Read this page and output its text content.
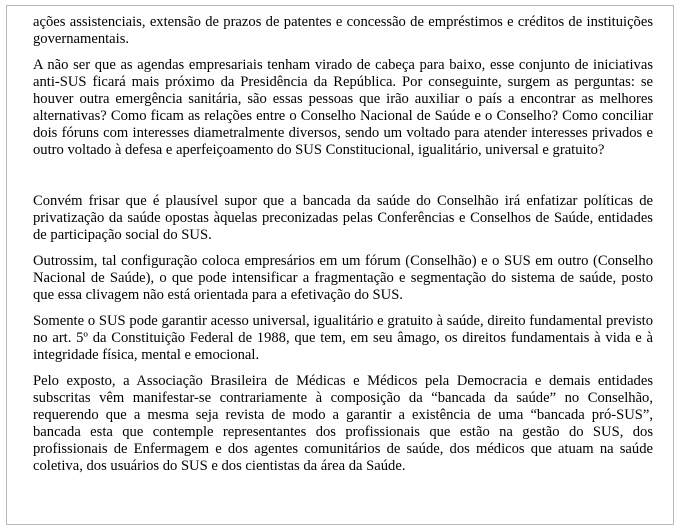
ações assistenciais, extensão de prazos de patentes e concessão de empréstimos e créditos de instituições governamentais.

A não ser que as agendas empresariais tenham virado de cabeça para baixo, esse conjunto de iniciativas anti-SUS ficará mais próximo da Presidência da República. Por conseguinte, surgem as perguntas: se houver outra emergência sanitária, são essas pessoas que irão auxiliar o país a encontrar as melhores alternativas? Como ficam as relações entre o Conselho Nacional de Saúde e o Conselho? Como conciliar dois fóruns com interesses diametralmente diversos, sendo um voltado para atender interesses privados e outro voltado à defesa e aperfeiçoamento do SUS Constitucional, igualitário, universal e gratuito?

Convém frisar que é plausível supor que a bancada da saúde do Conselhão irá enfatizar políticas de privatização da saúde opostas àquelas preconizadas pelas Conferências e Conselhos de Saúde, entidades de participação social do SUS.

Outrossim, tal configuração coloca empresários em um fórum (Conselhão) e o SUS em outro (Conselho Nacional de Saúde), o que pode intensificar a fragmentação e segmentação do sistema de saúde, posto que essa clivagem não está orientada para a efetivação do SUS.

Somente o SUS pode garantir acesso universal, igualitário e gratuito à saúde, direito fundamental previsto no art. 5º da Constituição Federal de 1988, que tem, em seu âmago, os direitos fundamentais à vida e à integridade física, mental e emocional.

Pelo exposto, a Associação Brasileira de Médicas e Médicos pela Democracia e demais entidades subscritas vêm manifestar-se contrariamente à composição da “bancada da saúde” no Conselhão, requerendo que a mesma seja revista de modo a garantir a existência de uma “bancada pró-SUS”, bancada esta que contemple representantes dos profissionais que estão na gestão do SUS, dos profissionais de Enfermagem e dos agentes comunitários de saúde, dos médicos que atuam na saúde coletiva, dos usuários do SUS e dos cientistas da área da Saúde.
